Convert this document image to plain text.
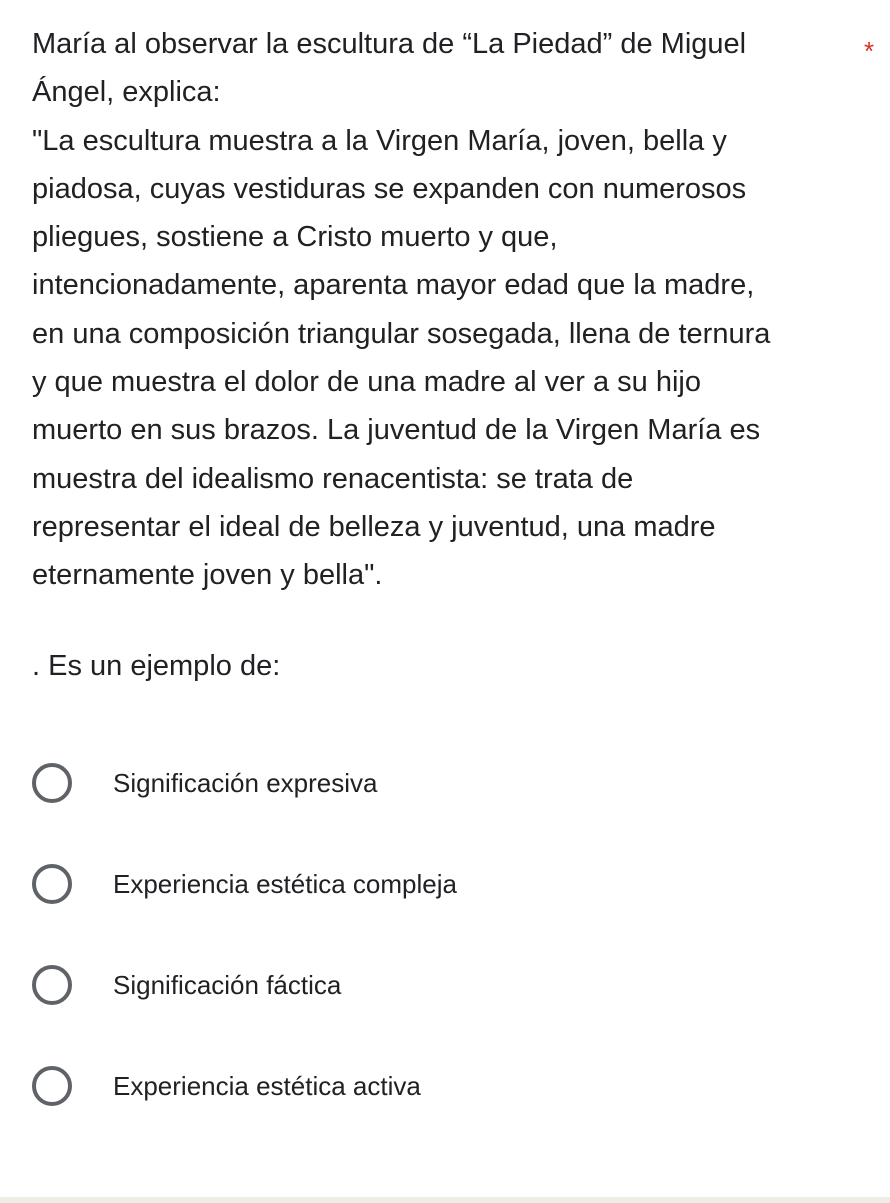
María al observar la escultura de “La Piedad” de Miguel
Ángel, explica:
"La escultura muestra a la Virgen María, joven, bella y
piadosa, cuyas vestiduras se expanden con numerosos
pliegues, sostiene a Cristo muerto y que,
intencionadamente, aparenta mayor edad que la madre,
en una composición triangular sosegada, llena de ternura
y que muestra el dolor de una madre al ver a su hijo
muerto en sus brazos. La juventud de la Virgen María es
muestra del idealismo renacentista: se trata de
representar el ideal de belleza y juventud, una madre
eternamente joven y bella".
*
. Es un ejemplo de:
Significación expresiva
Experiencia estética compleja
Significación fáctica
Experiencia estética activa
